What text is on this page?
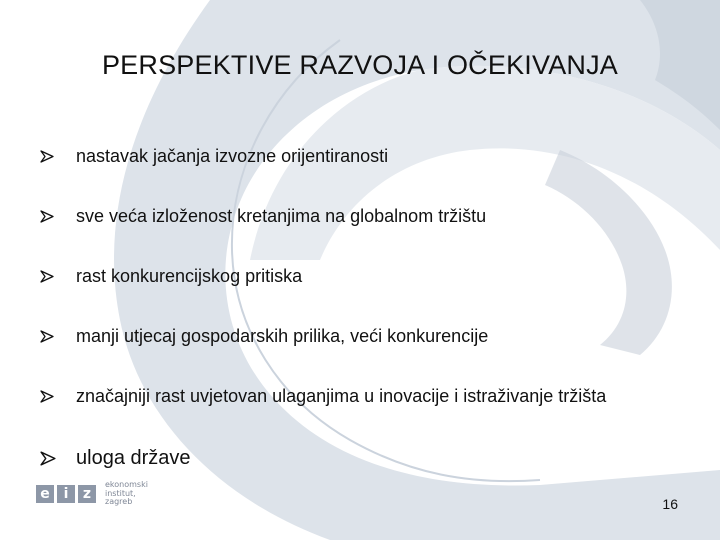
PERSPEKTIVE RAZVOJA I OČEKIVANJA
nastavak jačanja izvozne orijentiranosti
sve veća izloženost kretanjima na globalnom tržištu
rast konkurencijskog pritiska
manji utjecaj gospodarskih prilika, veći konkurencije
značajniji rast uvjetovan ulaganjima u inovacije i istraživanje tržišta
uloga države
e i	z
ekonomski
institut,
zagreb	16
